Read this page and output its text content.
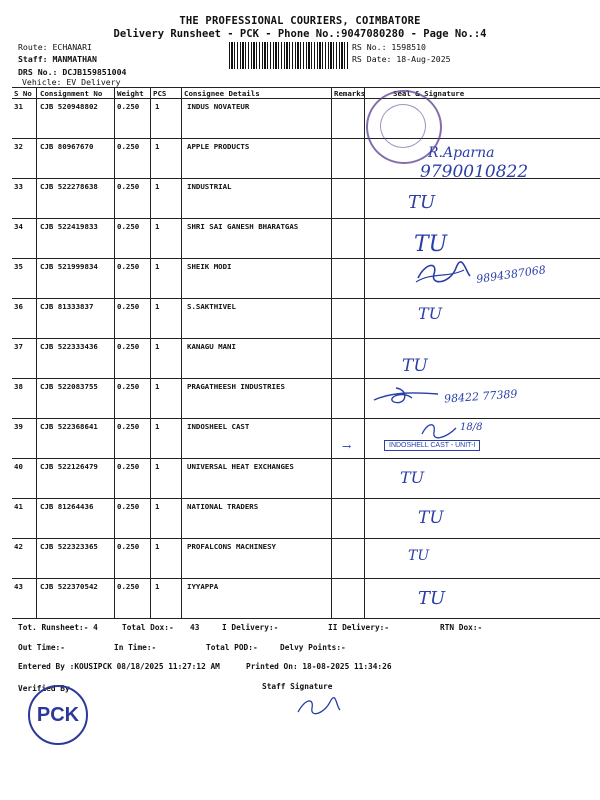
THE PROFESSIONAL COURIERS, COIMBATORE
Delivery Runsheet - PCK - Phone No.:9047080280 - Page No.:4
Route: ECHANARI
Staff: MANMATHAN
DRS No.: DCJB159851004
Vehicle: EV Delivery
RS No.: 1598510
RS Date: 18-Aug-2025
S No Consignment No Weight PCS Consignee Details	Remarks	Seal & Signature
31 CJB 520948802	0.250 1	INDUS NOVATEUR
32 CJB 80967670	0.250 1	APPLE PRODUCTS
33 CJB 522278638	0.250 1	INDUSTRIAL
34 CJB 522419833	0.250 1	SHRI SAI GANESH BHARATGAS
35 CJB 521999834	0.250 1	SHEIK MODI
36 CJB 81333837	0.250 1	S.SAKTHIVEL
37 CJB 522333436	0.250 1	KANAGU MANI
38 CJB 522083755	0.250 1	PRAGATHEESH INDUSTRIES
39 CJB 522368641	0.250 1	INDOSHEEL CAST
40 CJB 522126479	0.250 1	UNIVERSAL HEAT EXCHANGES
41 CJB 81264436	0.250 1	NATIONAL TRADERS
42 CJB 522323365	0.250 1	PROFALCONS MACHINESY
43 CJB 522370542	0.250 1	IYYAPPA
R.Aparna
9790010822
TU
TU
9894387068
TU
TU
98422 77389
18/8
→	INDOSHELL CAST - UNIT-I
TU
TU
TU
TU
Tot. Runsheet:- 4	Total Dox:- 43	I Delivery:-	II Delivery:-	RTN Dox:-
Out Time:-	In Time:-	Total POD:-	Delvy Points:-
Entered By :KOUSIPCK 08/18/2025 11:27:12 AM	Printed On: 18-08-2025 11:34:26
Verified By	Staff Signature
PCK
